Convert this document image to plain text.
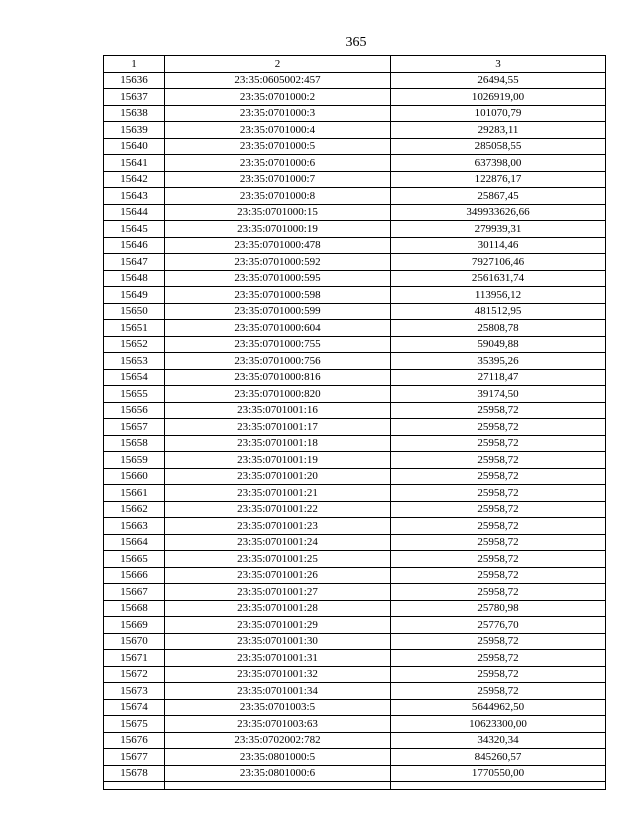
365
1	2	3
15636	23:35:0605002:457	26494,55
15637	23:35:0701000:2	1026919,00
15638	23:35:0701000:3	101070,79
15639	23:35:0701000:4	29283,11
15640	23:35:0701000:5	285058,55
15641	23:35:0701000:6	637398,00
15642	23:35:0701000:7	122876,17
15643	23:35:0701000:8	25867,45
15644	23:35:0701000:15	349933626,66
15645	23:35:0701000:19	279939,31
15646	23:35:0701000:478	30114,46
15647	23:35:0701000:592	7927106,46
15648	23:35:0701000:595	2561631,74
15649	23:35:0701000:598	113956,12
15650	23:35:0701000:599	481512,95
15651	23:35:0701000:604	25808,78
15652	23:35:0701000:755	59049,88
15653	23:35:0701000:756	35395,26
15654	23:35:0701000:816	27118,47
15655	23:35:0701000:820	39174,50
15656	23:35:0701001:16	25958,72
15657	23:35:0701001:17	25958,72
15658	23:35:0701001:18	25958,72
15659	23:35:0701001:19	25958,72
15660	23:35:0701001:20	25958,72
15661	23:35:0701001:21	25958,72
15662	23:35:0701001:22	25958,72
15663	23:35:0701001:23	25958,72
15664	23:35:0701001:24	25958,72
15665	23:35:0701001:25	25958,72
15666	23:35:0701001:26	25958,72
15667	23:35:0701001:27	25958,72
15668	23:35:0701001:28	25780,98
15669	23:35:0701001:29	25776,70
15670	23:35:0701001:30	25958,72
15671	23:35:0701001:31	25958,72
15672	23:35:0701001:32	25958,72
15673	23:35:0701001:34	25958,72
15674	23:35:0701003:5	5644962,50
15675	23:35:0701003:63	10623300,00
15676	23:35:0702002:782	34320,34
15677	23:35:0801000:5	845260,57
15678	23:35:0801000:6	1770550,00
